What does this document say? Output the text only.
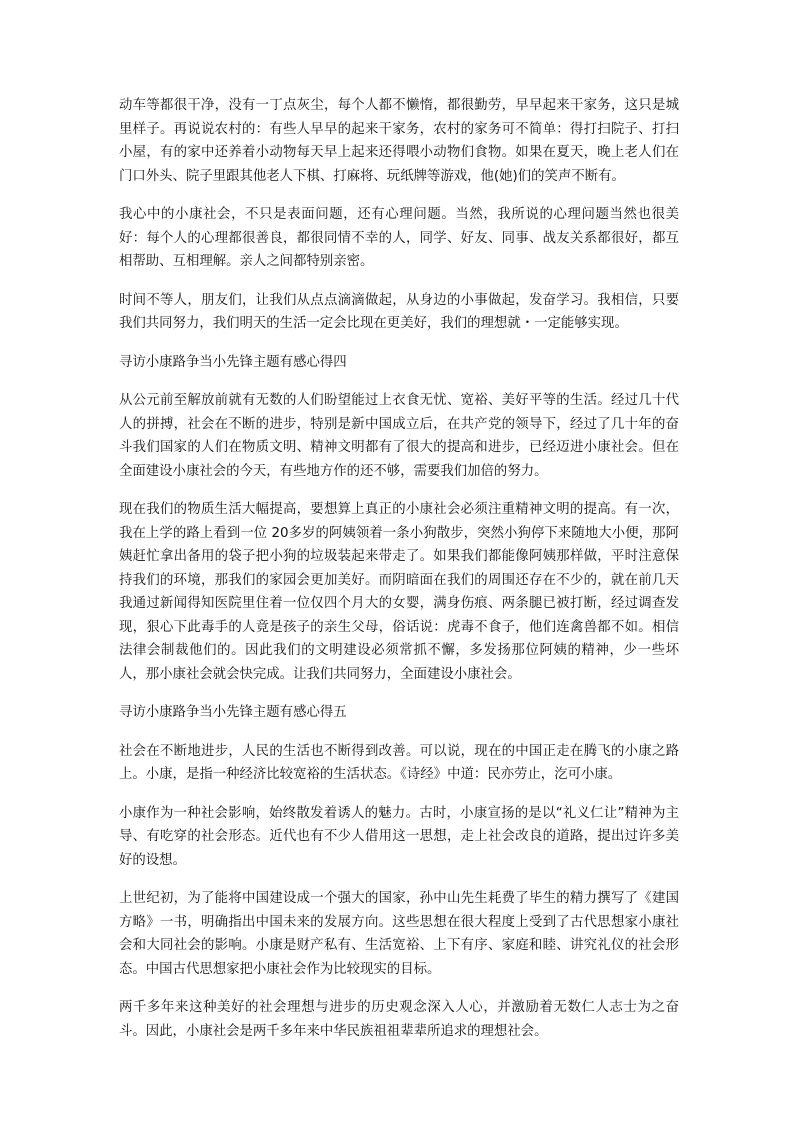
动车等都很干净，没有一丁点灰尘，每个人都不懒惰，都很勤劳，早早起来干家务，这只是城里样子。再说说农村的：有些人早早的起来干家务，农村的家务可不简单：得打扫院子、打扫小屋，有的家中还养着小动物每天早上起来还得喂小动物们食物。如果在夏天，晚上老人们在门口外头、院子里跟其他老人下棋、打麻将、玩纸牌等游戏，他(她)们的笑声不断有。

我心中的小康社会，不只是表面问题，还有心理问题。当然，我所说的心理问题当然也很美好：每个人的心理都很善良，都很同情不幸的人，同学、好友、同事、战友关系都很好，都互相帮助、互相理解。亲人之间都特别亲密。

时间不等人，朋友们，让我们从点点滴滴做起，从身边的小事做起，发奋学习。我相信，只要我们共同努力，我们明天的生活一定会比现在更美好，我们的理想就・一定能够实现。

寻访小康路争当小先锋主题有感心得四

从公元前至解放前就有无数的人们盼望能过上衣食无忧、宽裕、美好平等的生活。经过几十代人的拼搏，社会在不断的进步，特别是新中国成立后，在共产党的领导下，经过了几十年的奋斗我们国家的人们在物质文明、精神文明都有了很大的提高和进步，已经迈进小康社会。但在全面建设小康社会的今天，有些地方作的还不够，需要我们加倍的努力。

现在我们的物质生活大幅提高，要想算上真正的小康社会必须注重精神文明的提高。有一次，我在上学的路上看到一位 20多岁的阿姨领着一条小狗散步，突然小狗停下来随地大小便，那阿姨赶忙拿出备用的袋子把小狗的垃圾装起来带走了。如果我们都能像阿姨那样做，平时注意保持我们的环境，那我们的家园会更加美好。而阴暗面在我们的周围还存在不少的，就在前几天我通过新闻得知医院里住着一位仅四个月大的女婴，满身伤痕、两条腿已被打断，经过调查发现，狠心下此毒手的人竟是孩子的亲生父母，俗话说：虎毒不食子，他们连禽兽都不如。相信法律会制裁他们的。因此我们的文明建设必须常抓不懈，多发扬那位阿姨的精神，少一些坏人，那小康社会就会快完成。让我们共同努力，全面建设小康社会。

寻访小康路争当小先锋主题有感心得五

社会在不断地进步，人民的生活也不断得到改善。可以说，现在的中国正走在腾飞的小康之路上。小康，是指一种经济比较宽裕的生活状态。《诗经》中道：民亦劳止，汔可小康。

小康作为一种社会影响，始终散发着诱人的魅力。古时，小康宣扬的是以“礼义仁让”精神为主导、有吃穿的社会形态。近代也有不少人借用这一思想，走上社会改良的道路，提出过许多美好的设想。

上世纪初，为了能将中国建设成一个强大的国家，孙中山先生耗费了毕生的精力撰写了《建国方略》一书，明确指出中国未来的发展方向。这些思想在很大程度上受到了古代思想家小康社会和大同社会的影响。小康是财产私有、生活宽裕、上下有序、家庭和睦、讲究礼仪的社会形态。中国古代思想家把小康社会作为比较现实的目标。

两千多年来这种美好的社会理想与进步的历史观念深入人心，并激励着无数仁人志士为之奋斗。因此，小康社会是两千多年来中华民族祖祖辈辈所追求的理想社会。
